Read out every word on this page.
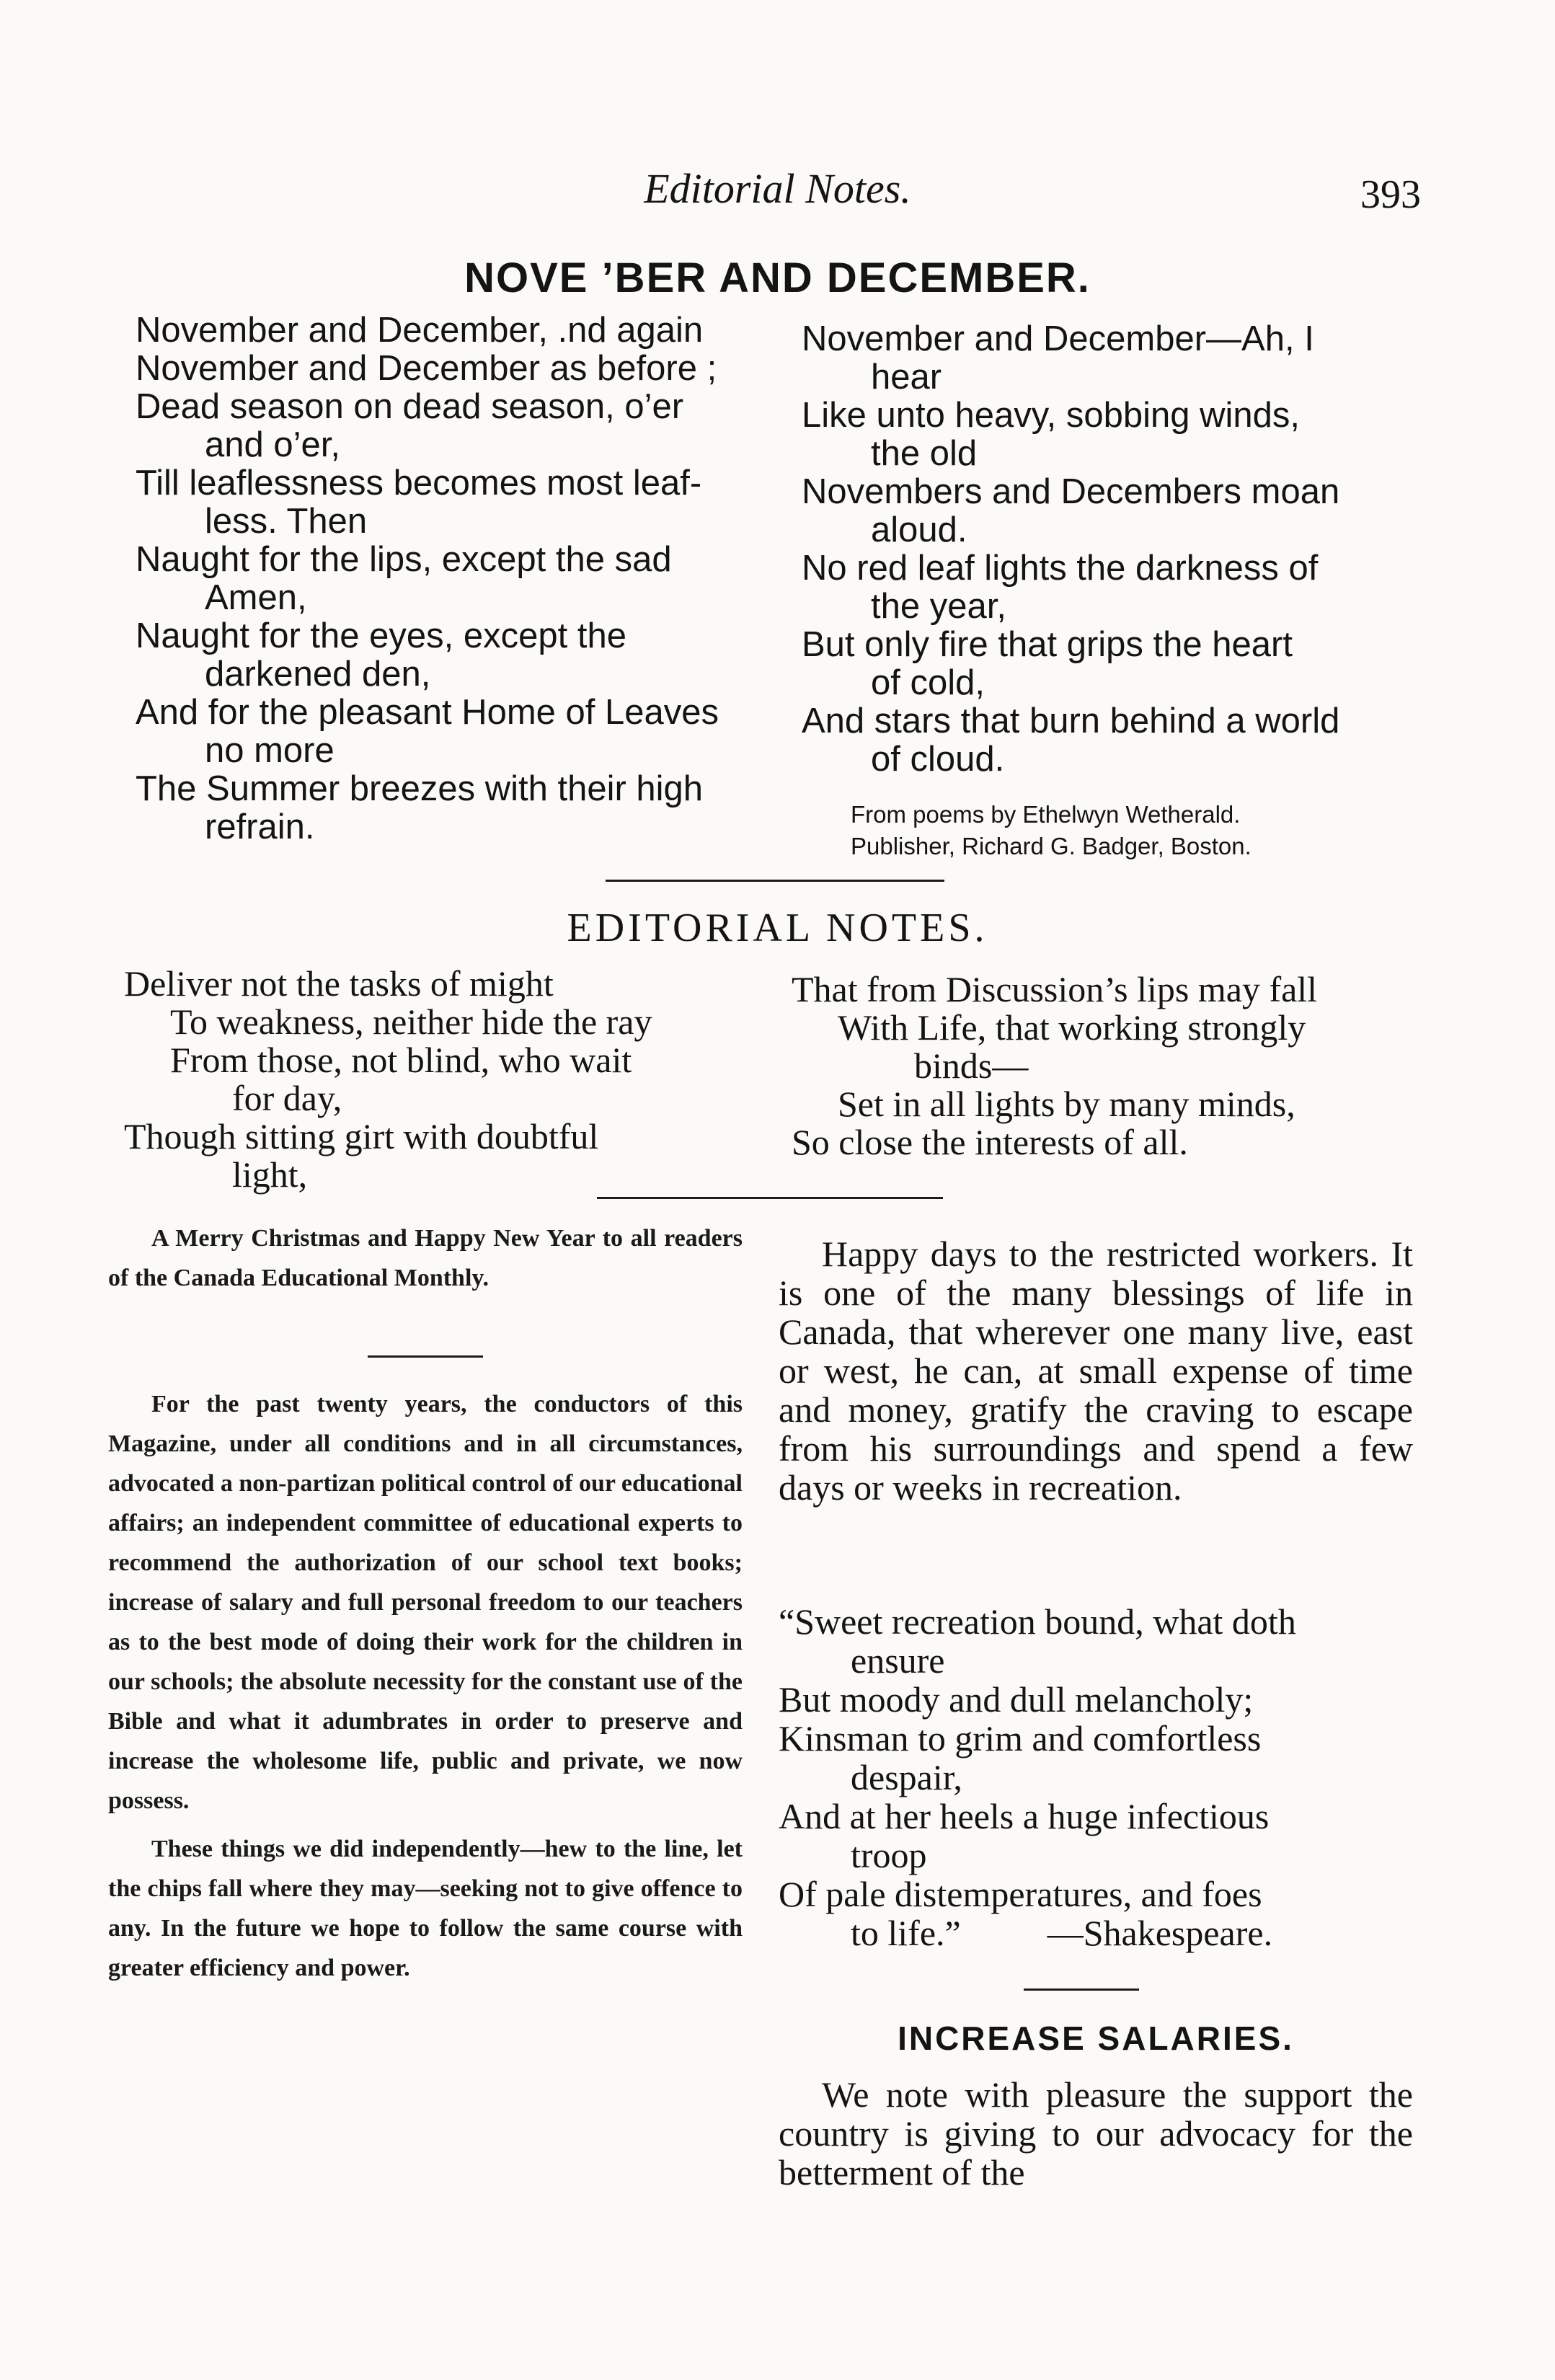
Editorial Notes.	393
NOVE ’BER AND DECEMBER.
November and December, .nd again
November and December as before ;
Dead season on dead season, o’er
and o’er,
Till leaflessness becomes most leaf-
less. Then
Naught for the lips, except the sad
Amen,
Naught for the eyes, except the
darkened den,
And for the pleasant Home of Leaves
no more
The Summer breezes with their high
refrain.
November and December—Ah, I
hear
Like unto heavy, sobbing winds,
the old
Novembers and Decembers moan
aloud.
No red leaf lights the darkness of
the year,
But only fire that grips the heart
of cold,
And stars that burn behind a world
of cloud.
From poems by Ethelwyn Wetherald.
Publisher, Richard G. Badger, Boston.
EDITORIAL NOTES.
Deliver not the tasks of might
To weakness, neither hide the ray
From those, not blind, who wait
for day,
Though sitting girt with doubtful
light,
That from Discussion’s lips may fall
With Life, that working strongly
binds—
Set in all lights by many minds,
So close the interests of all.

A Merry Christmas and Happy New Year to all readers of the Canada Educational Monthly.

For the past twenty years, the conductors of this Magazine, under all conditions and in all circumstances, advocated a non-partizan political control of our educational affairs; an independent committee of educational experts to recommend the authorization of our school text books; increase of salary and full personal freedom to our teachers as to the best mode of doing their work for the children in our schools; the absolute necessity for the constant use of the Bible and what it adumbrates in order to preserve and increase the wholesome life, public and private, we now possess.

These things we did independently—hew to the line, let the chips fall where they may—seeking not to give offence to any. In the future we hope to follow the same course with greater efficiency and power.

Happy days to the restricted workers. It is one of the many blessings of life in Canada, that wherever one many live, east or west, he can, at small expense of time and money, gratify the craving to escape from his surroundings and spend a few days or weeks in recreation.

“Sweet recreation bound, what doth
ensure
But moody and dull melancholy;
Kinsman to grim and comfortless
despair,
And at her heels a huge infectious
troop
Of pale distemperatures, and foes
to life.” —Shakespeare.
INCREASE SALARIES.

We note with pleasure the support the country is giving to our advocacy for the betterment of the
